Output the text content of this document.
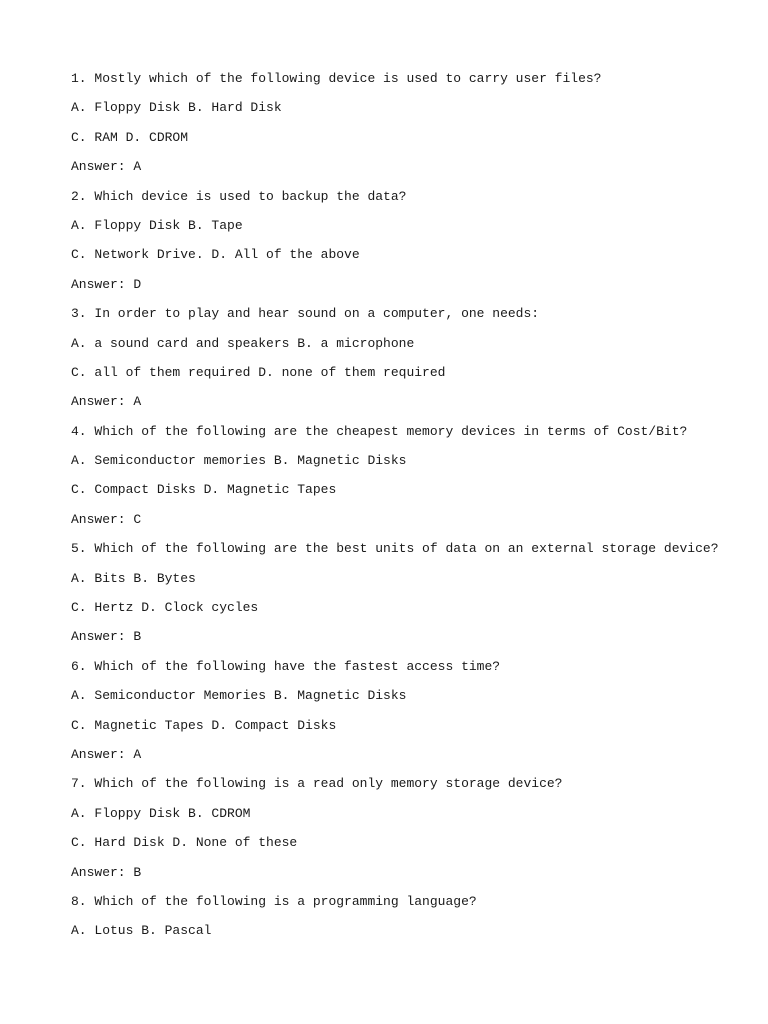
1. Mostly which of the following device is used to carry user files?
A. Floppy Disk B. Hard Disk
C. RAM D. CDROM
Answer: A
2. Which device is used to backup the data?
A. Floppy Disk B. Tape
C. Network Drive. D. All of the above
Answer: D
3. In order to play and hear sound on a computer, one needs:
A. a sound card and speakers B. a microphone
C. all of them required D. none of them required
Answer: A
4. Which of the following are the cheapest memory devices in terms of Cost/Bit?
A. Semiconductor memories B. Magnetic Disks
C. Compact Disks D. Magnetic Tapes
Answer: C
5. Which of the following are the best units of data on an external storage device?
A. Bits B. Bytes
C. Hertz D. Clock cycles
Answer: B
6. Which of the following have the fastest access time?
A. Semiconductor Memories B. Magnetic Disks
C. Magnetic Tapes D. Compact Disks
Answer: A
7. Which of the following is a read only memory storage device?
A. Floppy Disk B. CDROM
C. Hard Disk D. None of these
Answer: B
8. Which of the following is a programming language?
A. Lotus B. Pascal
